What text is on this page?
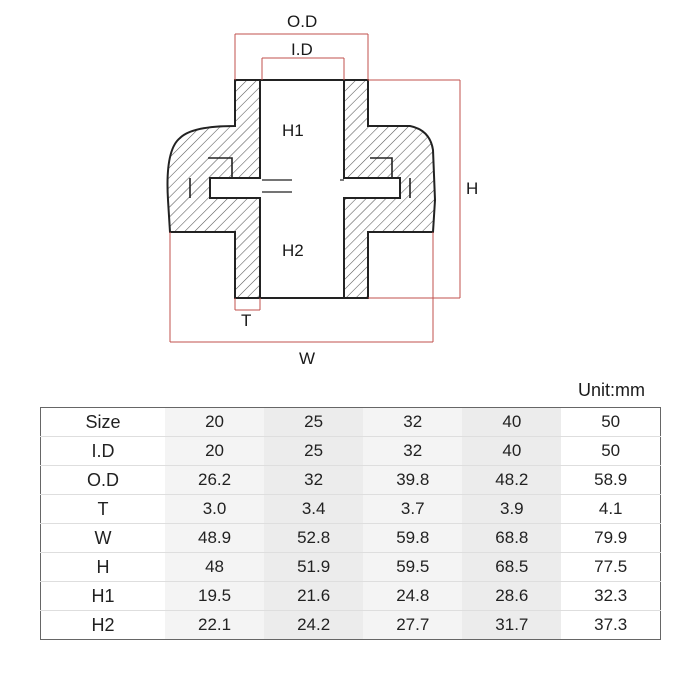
O.D
I.D
H1
H2
H
T
W
Unit:mm
Size	20	25	32	40	50
I.D	20	25	32	40	50
O.D	26.2	32	39.8	48.2	58.9
T	3.0	3.4	3.7	3.9	4.1
W	48.9	52.8	59.8	68.8	79.9
H	48	51.9	59.5	68.5	77.5
H1	19.5	21.6	24.8	28.6	32.3
H2	22.1	24.2	27.7	31.7	37.3
